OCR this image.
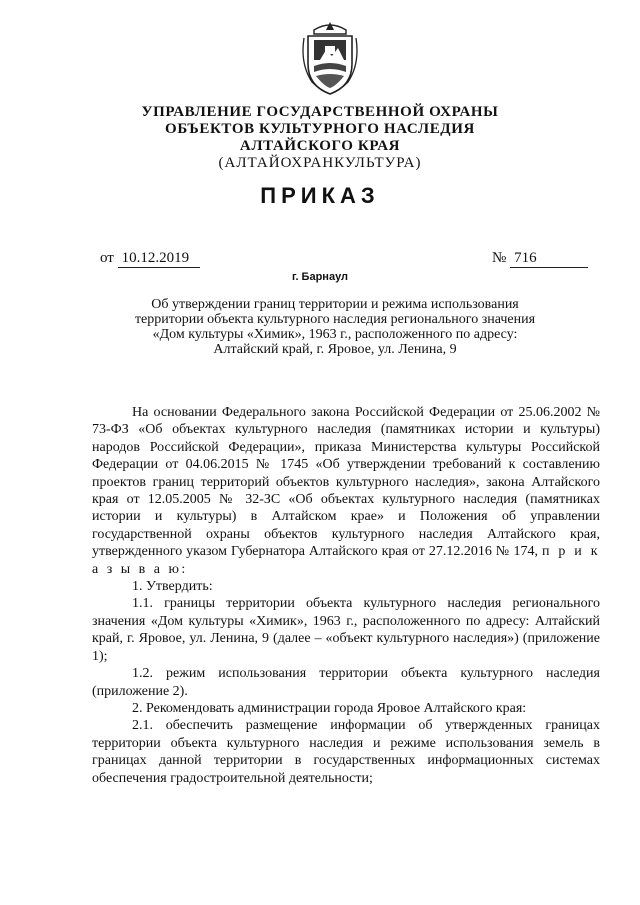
УПРАВЛЕНИЕ ГОСУДАРСТВЕННОЙ ОХРАНЫ
ОБЪЕКТОВ КУЛЬТУРНОГО НАСЛЕДИЯ
АЛТАЙСКОГО КРАЯ
(АЛТАЙОХРАНКУЛЬТУРА)
ПРИКАЗ
от 10.12.2019	№ 716
г. Барнаул
Об утверждении границ территории и режима использования территории объекта культурного наследия регионального значения «Дом культуры «Химик», 1963 г., расположенного по адресу: Алтайский край, г. Яровое, ул. Ленина, 9

На основании Федерального закона Российской Федерации от 25.06.2002 № 73-ФЗ «Об объектах культурного наследия (памятниках истории и культуры) народов Российской Федерации», приказа Министерства культуры Российской Федерации от 04.06.2015 № 1745 «Об утверждении требований к составлению проектов границ территорий объектов культурного наследия», закона Алтайского края от 12.05.2005 № 32-ЗС «Об объектах культурного наследия (памятниках истории и культуры) в Алтайском крае» и Положения об управлении государственной охраны объектов культурного наследия Алтайского края, утвержденного указом Губернатора Алтайского края от 27.12.2016 № 174, п р и к а з ы в а ю:

1. Утвердить:

1.1. границы территории объекта культурного наследия регионального значения «Дом культуры «Химик», 1963 г., расположенного по адресу: Алтайский край, г. Яровое, ул. Ленина, 9 (далее – «объект культурного наследия») (приложение 1);

1.2. режим использования территории объекта культурного наследия (приложение 2).

2. Рекомендовать администрации города Яровое Алтайского края:

2.1. обеспечить размещение информации об утвержденных границах территории объекта культурного наследия и режиме использования земель в границах данной территории в государственных информационных системах обеспечения градостроительной деятельности;
